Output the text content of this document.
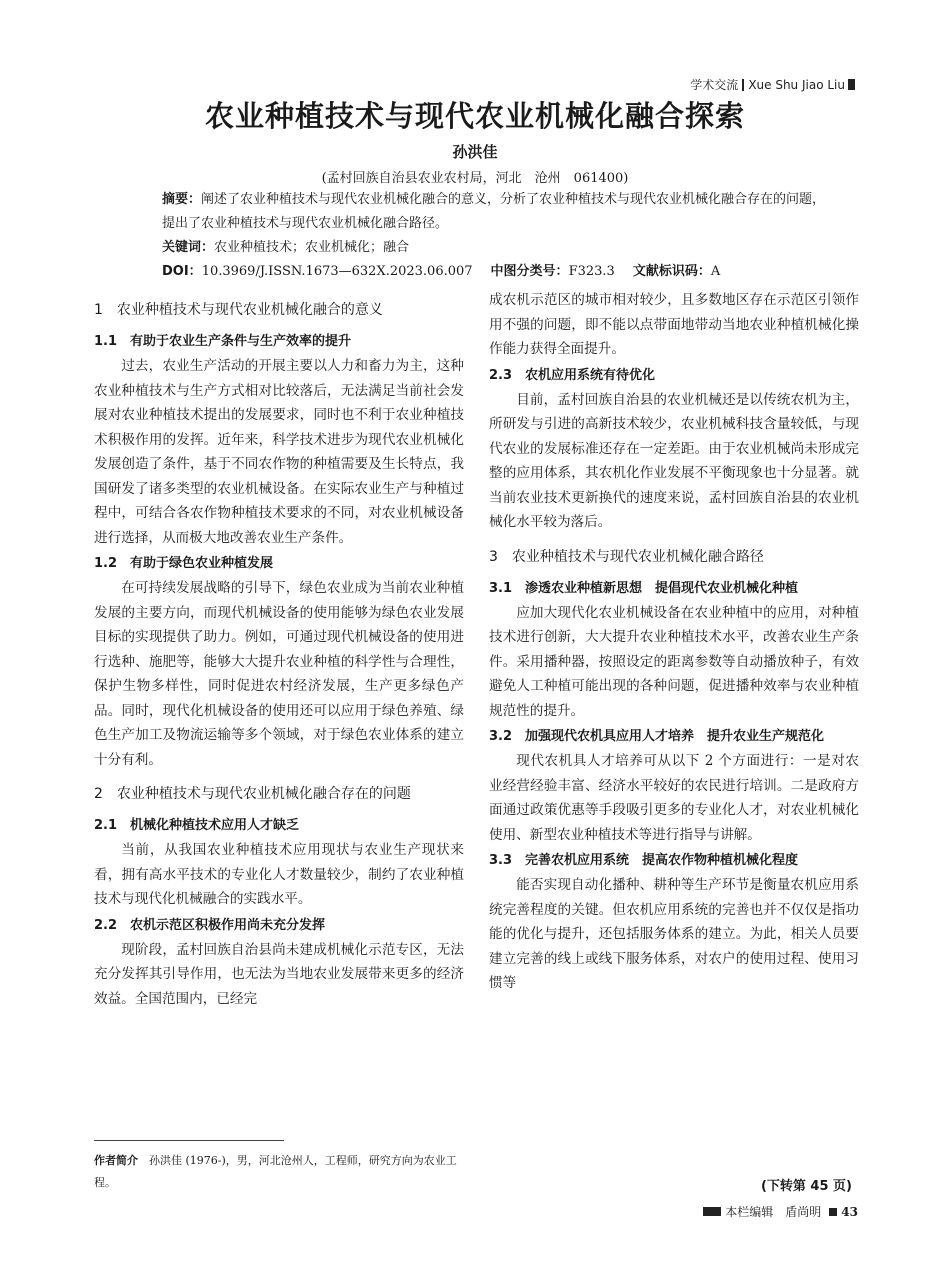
学术交流 Xue Shu Jiao Liu
农业种植技术与现代农业机械化融合探索
孙洪佳
(孟村回族自治县农业农村局，河北　沧州　061400)

摘要：阐述了农业种植技术与现代农业机械化融合的意义，分析了农业种植技术与现代农业机械化融合存在的问题，提出了农业种植技术与现代农业机械化融合路径。

关键词：农业种植技术；农业机械化；融合

DOI：10.3969/J.ISSN.1673—632X.2023.06.007 中图分类号：F323.3 文献标识码：A

1　农业种植技术与现代农业机械化融合的意义
1.1　有助于农业生产条件与生产效率的提升

过去，农业生产活动的开展主要以人力和畜力为主，这种农业种植技术与生产方式相对比较落后，无法满足当前社会发展对农业种植技术提出的发展要求，同时也不利于农业种植技术积极作用的发挥。近年来，科学技术进步为现代农业机械化发展创造了条件，基于不同农作物的种植需要及生长特点，我国研发了诸多类型的农业机械设备。在实际农业生产与种植过程中，可结合各农作物种植技术要求的不同，对农业机械设备进行选择，从而极大地改善农业生产条件。

1.2　有助于绿色农业种植发展

在可持续发展战略的引导下，绿色农业成为当前农业种植发展的主要方向，而现代机械设备的使用能够为绿色农业发展目标的实现提供了助力。例如，可通过现代机械设备的使用进行选种、施肥等，能够大大提升农业种植的科学性与合理性，保护生物多样性，同时促进农村经济发展，生产更多绿色产品。同时，现代化机械设备的使用还可以应用于绿色养殖、绿色生产加工及物流运输等多个领域，对于绿色农业体系的建立十分有利。

2　农业种植技术与现代农业机械化融合存在的问题
2.1　机械化种植技术应用人才缺乏

当前，从我国农业种植技术应用现状与农业生产现状来看，拥有高水平技术的专业化人才数量较少，制约了农业种植技术与现代化机械融合的实践水平。

2.2　农机示范区积极作用尚未充分发挥

现阶段，孟村回族自治县尚未建成机械化示范专区，无法充分发挥其引导作用，也无法为当地农业发展带来更多的经济效益。全国范围内，已经完

成农机示范区的城市相对较少，且多数地区存在示范区引领作用不强的问题，即不能以点带面地带动当地农业种植机械化操作能力获得全面提升。

2.3　农机应用系统有待优化

目前，孟村回族自治县的农业机械还是以传统农机为主，所研发与引进的高新技术较少，农业机械科技含量较低，与现代农业的发展标准还存在一定差距。由于农业机械尚未形成完整的应用体系，其农机化作业发展不平衡现象也十分显著。就当前农业技术更新换代的速度来说，孟村回族自治县的农业机械化水平较为落后。

3　农业种植技术与现代农业机械化融合路径
3.1　渗透农业种植新思想　提倡现代农业机械化种植

应加大现代化农业机械设备在农业种植中的应用，对种植技术进行创新，大大提升农业种植技术水平，改善农业生产条件。采用播种器，按照设定的距离参数等自动播放种子，有效避免人工种植可能出现的各种问题，促进播种效率与农业种植规范性的提升。

3.2　加强现代农机具应用人才培养　提升农业生产规范化

现代农机具人才培养可从以下 2 个方面进行：一是对农业经营经验丰富、经济水平较好的农民进行培训。二是政府方面通过政策优惠等手段吸引更多的专业化人才，对农业机械化使用、新型农业种植技术等进行指导与讲解。

3.3　完善农机应用系统　提高农作物种植机械化程度

能否实现自动化播种、耕种等生产环节是衡量农机应用系统完善程度的关键。但农机应用系统的完善也并不仅仅是指功能的优化与提升，还包括服务体系的建立。为此，相关人员要建立完善的线上或线下服务体系，对农户的使用过程、使用习惯等

作者简介  孙洪佳 (1976-)，男，河北沧州人，工程师，研究方向为农业工程。	(下转第 45 页)
本栏编辑　盾尚明 43
